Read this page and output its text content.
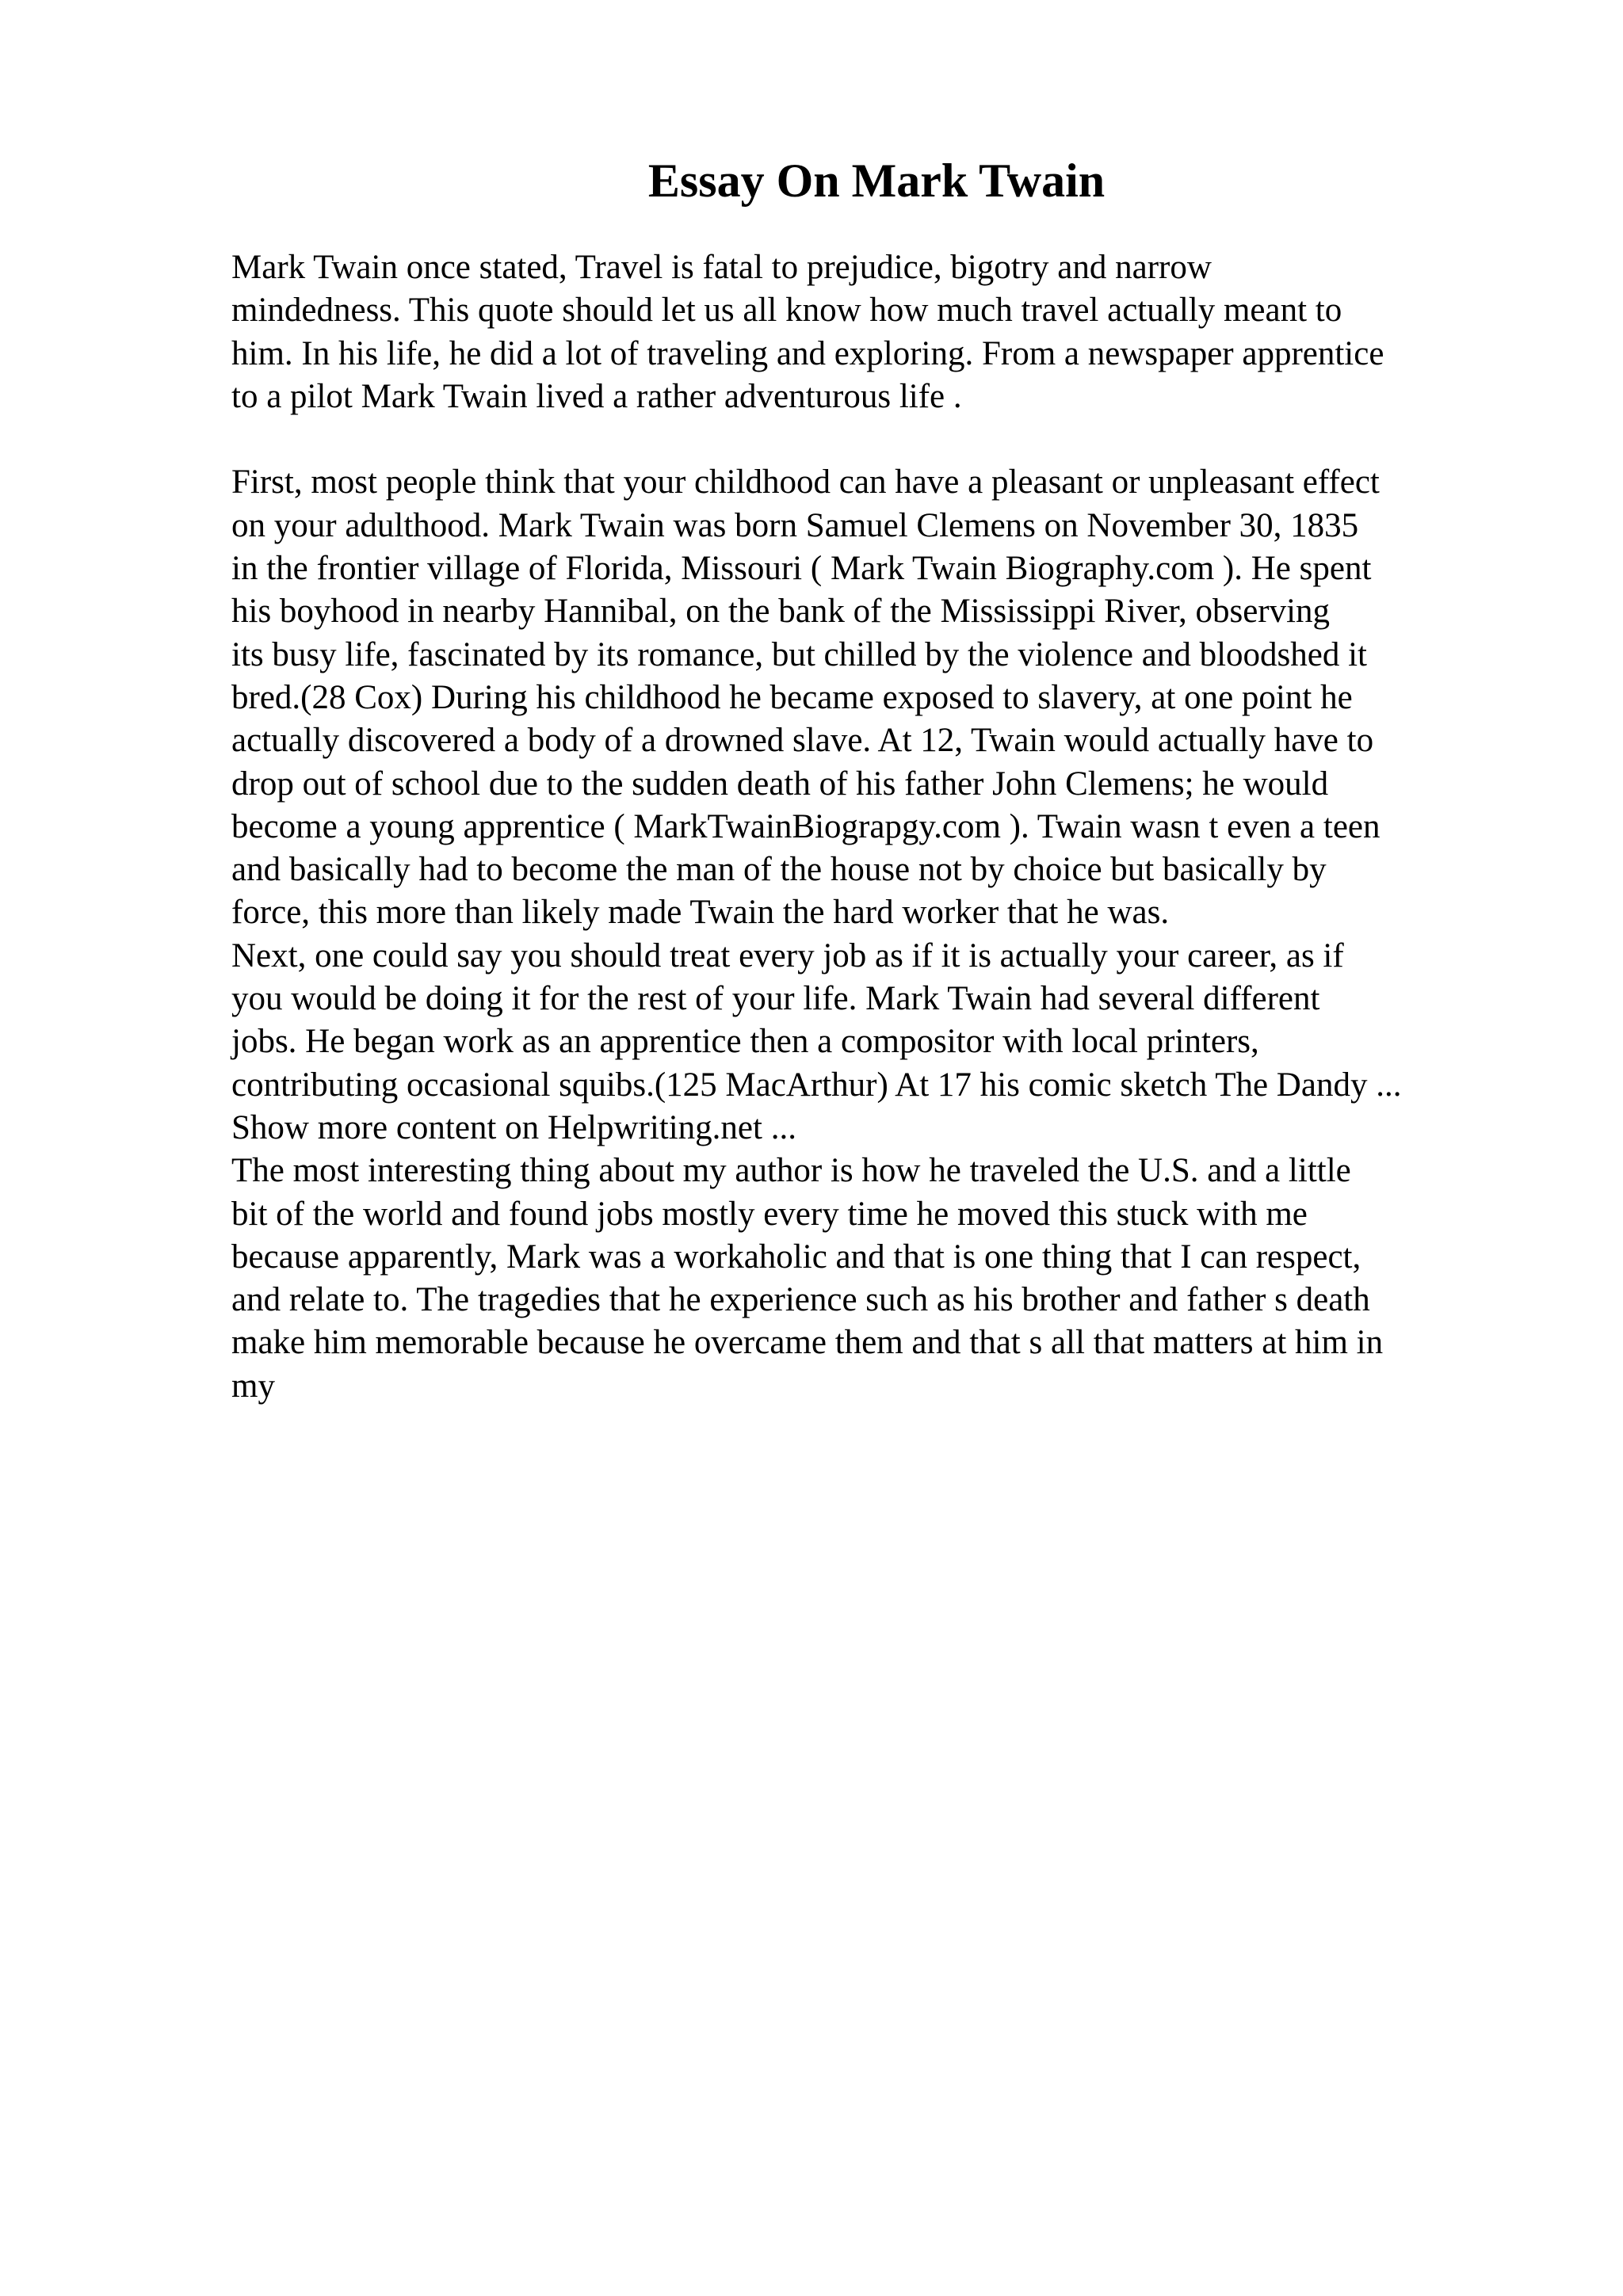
Essay On Mark Twain
Mark Twain once stated, Travel is fatal to prejudice, bigotry and narrow
mindedness. This quote should let us all know how much travel actually meant to
him. In his life, he did a lot of traveling and exploring. From a newspaper apprentice
to a pilot Mark Twain lived a rather adventurous life .
First, most people think that your childhood can have a pleasant or unpleasant effect
on your adulthood. Mark Twain was born Samuel Clemens on November 30, 1835
in the frontier village of Florida, Missouri ( Mark Twain Biography.com ). He spent
his boyhood in nearby Hannibal, on the bank of the Mississippi River, observing
its busy life, fascinated by its romance, but chilled by the violence and bloodshed it
bred.(28 Cox) During his childhood he became exposed to slavery, at one point he
actually discovered a body of a drowned slave. At 12, Twain would actually have to
drop out of school due to the sudden death of his father John Clemens; he would
become a young apprentice ( MarkTwainBiograpgy.com ). Twain wasn t even a teen
and basically had to become the man of the house not by choice but basically by
force, this more than likely made Twain the hard worker that he was.
Next, one could say you should treat every job as if it is actually your career, as if
you would be doing it for the rest of your life. Mark Twain had several different
jobs. He began work as an apprentice then a compositor with local printers,
contributing occasional squibs.(125 MacArthur) At 17 his comic sketch The Dandy ...
Show more content on Helpwriting.net ...
The most interesting thing about my author is how he traveled the U.S. and a little
bit of the world and found jobs mostly every time he moved this stuck with me
because apparently, Mark was a workaholic and that is one thing that I can respect,
and relate to. The tragedies that he experience such as his brother and father s death
make him memorable because he overcame them and that s all that matters at him in
my
